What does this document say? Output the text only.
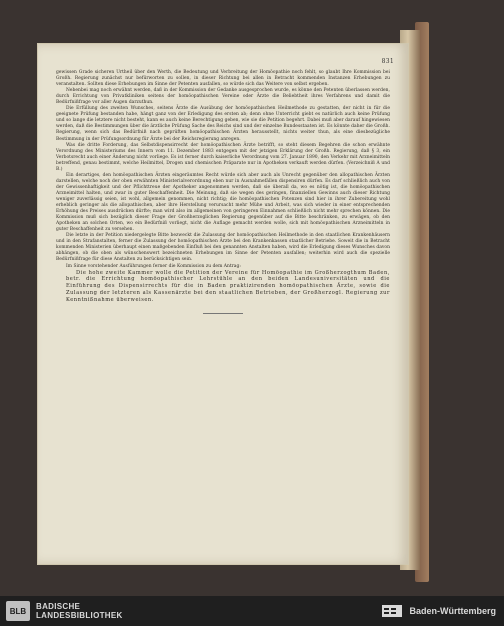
831

gewissen Grade sicheren Urtheil über den Werth, die Bedeutung und Verbreitung der Homöopathie noch fehlt, so glaubt Ihre Kommission bei Großh. Regierung zunächst nur befürworten zu sollen, in dieser Richtung bei allen in Betracht kommenden Instanzen Erhebungen zu veranstalten. Sollten diese Erhebungen im Sinne der Petenten ausfallen, so würde sich das Weitere von selbst ergeben.

Nebenbei mag noch erwähnt werden, daß in der Kommission der Gedanke ausgesprochen wurde, es könne den Petenten überlassen werden, durch Errichtung von Privatkliniken seitens der homöopathischen Vereine oder Ärzte die Beliebtheit ihres Verfahrens und damit die Bedürfnißfrage vor aller Augen darzuthun.

Die Erfüllung des zweiten Wunsches, seitens Ärzte die Ausübung der homöopathischen Heilmethode zu gestatten, der nicht in für die geeignete Prüfung bestanden habe, hängt ganz von der Erledigung des ersten ab; denn ohne Unterricht giebt es natürlich auch keine Prüfung und so lange die letztere nicht besteht, kann es auch keine Berechtigung geben, wie sie die Petition begehrt. Dabei muß aber darauf hingewiesen werden, daß die Bestimmungen über die ärztliche Prüfung Sache des Reichs sind und der einzelne Bundesstaaten ist. Es könnte daher die Großh. Regierung, wenn sich das Bedürfniß nach geprüften homöopathischen Ärzten herausstellt, nichts weiter thun, als eine diesbezügliche Bestimmung in der Prüfungsordnung für Ärzte bei der Reichsregierung anregen.

Was die dritte Forderung, das Selbstdispensirrecht der homöopathischen Ärzte betrifft, so steht diesem Begehren die schon erwähnte Verordnung des Ministeriums des Innern vom 11. Dezember 1883 entgegen mit der jetzigen Erklärung der Großh. Regierung, daß § 3, ein Verbotsrecht auch einer Änderung nicht vorliege. Es ist ferner durch kaiserliche Verordnung vom 27. Januar 1890, den Verkehr mit Arzneimitteln betreffend, genau bestimmt, welche Heilmittel, Drogen und chemischen Präparate nur in Apotheken verkauft werden dürfen. (Verzeichniß A und B.)

Ein derartiges, den homöopathischen Ärzten eingeräumtes Recht würde sich aber auch als Unrecht gegenüber den allopathischen Ärzten darstellen, welche noch der oben erwähnten Ministerialverordnung eben nur in Ausnahmefällen dispensiren dürfen. Es darf schließlich auch von der Gewissenhaftigkeit und der Pflichttreue der Apotheker angenommen werden, daß sie überall da, wo es nötig ist, die homöopathischen Arzneimittel halten, und zwar in guter Beschaffenheit. Die Meinung, daß sie wegen des geringen, finanziellen Gewinns auch dieser Richtung weniger zuverlässig seien, ist wohl, allgemein genommen, nicht richtig; die homöopathischen Potenzen sind hier in ihrer Zubereitung wohl erheblich geringer als die allopathischen, aber ihre Herstellung verursacht mehr Mühe und Arbeit, was sich wieder in einer entsprechenden Erhöhung des Preises ausdrücken dürfte; man wird also im allgemeinen von geringeren Einnahmen schließlich nicht mehr sprechen können. Die Kommission muß sich bezüglich dieser Frage der Großherzoglichen Regierung gegenüber auf die Bitte beschränken, zu erwägen, ob den Apotheken an solchen Orten, wo ein Bedürfniß vorliegt, nicht die Auflage gemacht werden wolle, sich mit homöopathischen Arzneimitteln in guter Beschaffenheit zu versehen.

Die letzte in der Petition niedergelegte Bitte bezweckt die Zulassung der homöopathischen Heilmethode in den staatlichen Krankenhäusern und in den Strafanstalten, ferner die Zulassung der homöopathischen Ärzte bei den Krankenkassen staatlicher Betriebe. Soweit die in Betracht kommenden Ministerien überhaupt einen maßgebenden Einfluß bei den genannten Anstalten haben, wird die Erledigung dieses Wunsches davon abhängen, ob die oben als wünschenswert bezeichneten Erhebungen im Sinne der Petenten ausfallen; weiterhin wird auch die spezielle Bedürfnißfrage für diese Anstalten zu berücksichtigen sein.

Im Sinne vorstehender Ausführungen ferner die Kommission zu dem Antrag:

Die hohe zweite Kammer wolle die Petition der Vereine für Homöopathie im Großherzogthum Baden, betr. die Errichtung homöopathischer Lehrstühle an den beiden Landesuniversitäten und die Einführung des Dispensirrechts für die in Baden praktizirenden homöopathischen Ärzte, sowie die Zulassung der letzteren als Kassenärzte bei den staatlichen Betrieben, der Großherzogl. Regierung zur Kenntnißnahme überweisen.

BLB	BADISCHE
LANDESBIBLIOTHEK	Baden-Württemberg
